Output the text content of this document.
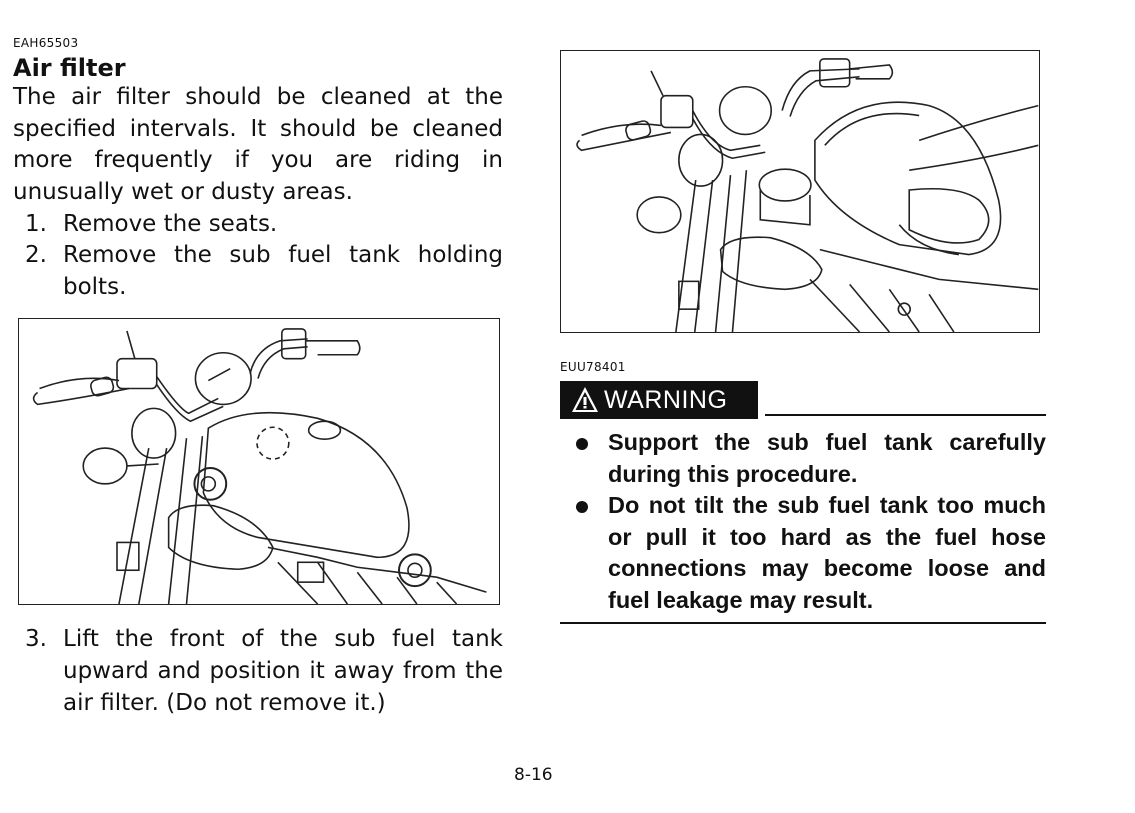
EAH65503
Air filter
The air filter should be cleaned at the specified intervals. It should be cleaned more frequently if you are riding in unusually wet or dusty areas.
1. Remove the seats.
2. Remove the sub fuel tank holding bolts.
3. Lift the front of the sub fuel tank upward and position it away from the air filter. (Do not remove it.)
EUU78401
WARNING
Support the sub fuel tank carefully during this procedure.
Do not tilt the sub fuel tank too much or pull it too hard as the fuel hose connections may become loose and fuel leakage may result.
8-16
